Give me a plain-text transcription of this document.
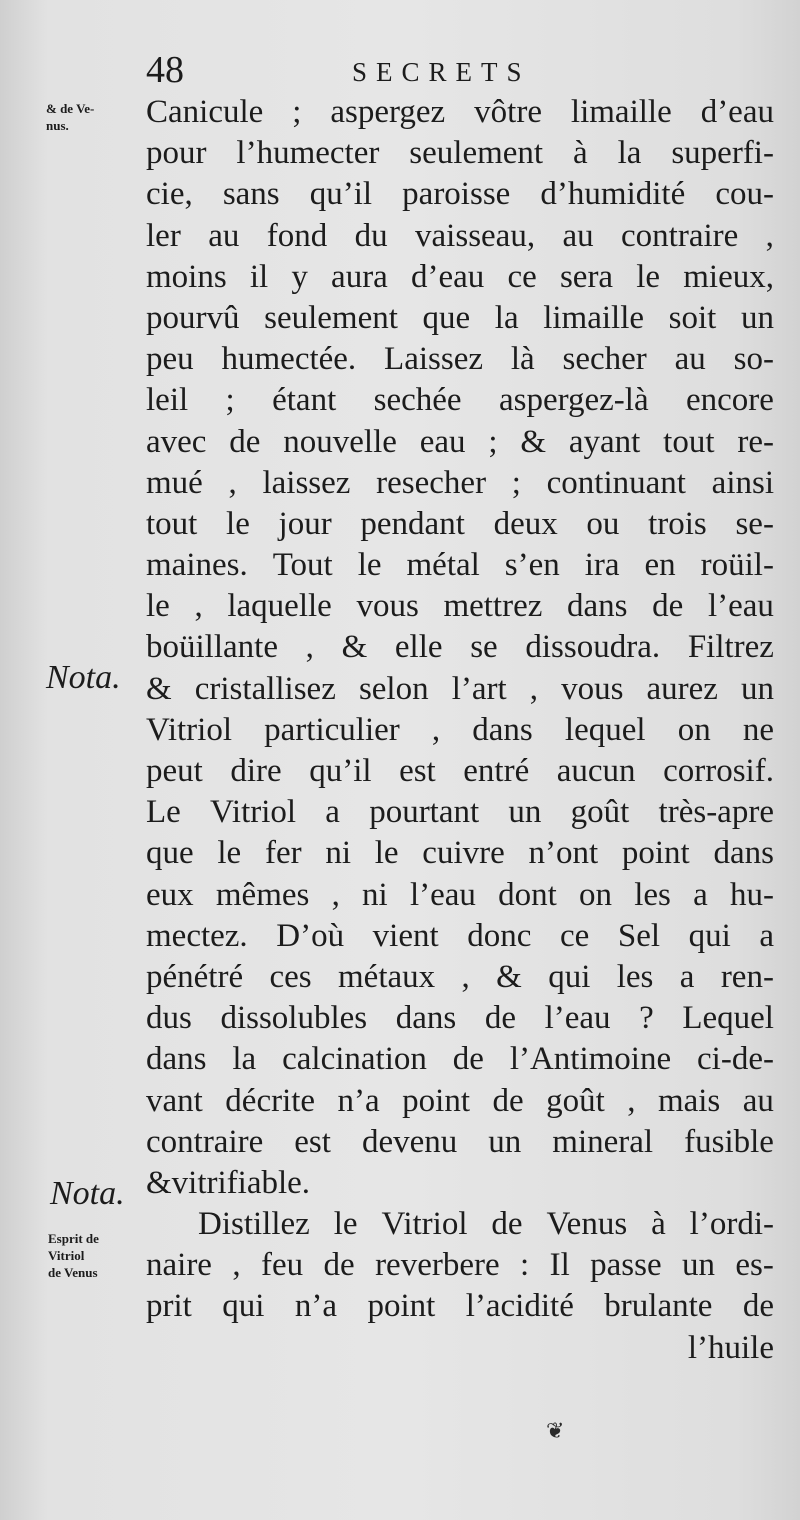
48	SECRETS
& de Ve-
nus.
Nota.
Nota.
Esprit de
Vitriol
de Venus
Canicule ; aspergez vôtre limaille d’eau
pour l’humecter seulement à la superfi-
cie, sans qu’il paroisse d’humidité cou-
ler au fond du vaisseau, au contraire ,
moins il y aura d’eau ce sera le mieux,
pourvû seulement que la limaille soit un
peu humectée. Laissez là secher au so-
leil ; étant sechée aspergez-là encore
avec de nouvelle eau ; & ayant tout re-
mué , laissez resecher ; continuant ainsi
tout le jour pendant deux ou trois se-
maines. Tout le métal s’en ira en roüil-
le , laquelle vous mettrez dans de l’eau
boüillante , & elle se dissoudra. Filtrez
& cristallisez selon l’art , vous aurez un
Vitriol particulier , dans lequel on ne
peut dire qu’il est entré aucun corrosif.
Le Vitriol a pourtant un goût très-apre
que le fer ni le cuivre n’ont point dans
eux mêmes , ni l’eau dont on les a hu-
mectez. D’où vient donc ce Sel qui a
pénétré ces métaux , & qui les a ren-
dus dissolubles dans de l’eau ? Lequel
dans la calcination de l’Antimoine ci-de-
vant décrite n’a point de goût , mais au
contraire est devenu un mineral fusible
& vitrifiable.
Distillez le Vitriol de Venus à l’ordi-
naire , feu de reverbere : Il passe un es-
prit qui n’a point l’acidité brulante de
l’huile
❦
